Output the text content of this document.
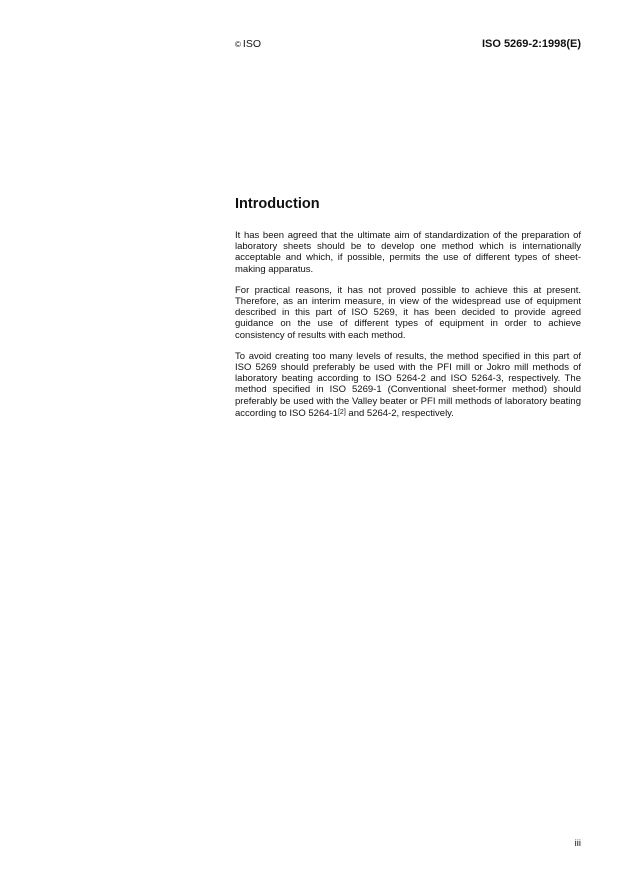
© ISO	ISO 5269-2:1998(E)
Introduction

It has been agreed that the ultimate aim of standardization of the preparation of laboratory sheets should be to develop one method which is internationally acceptable and which, if possible, permits the use of different types of sheet-making apparatus.

For practical reasons, it has not proved possible to achieve this at present. Therefore, as an interim measure, in view of the widespread use of equipment described in this part of ISO 5269, it has been decided to provide agreed guidance on the use of different types of equipment in order to achieve consistency of results with each method.

To avoid creating too many levels of results, the method specified in this part of ISO 5269 should preferably be used with the PFI mill or Jokro mill methods of laboratory beating according to ISO 5264-2 and ISO 5264-3, respectively. The method specified in ISO 5269-1 (Conventional sheet-former method) should preferably be used with the Valley beater or PFI mill methods of laboratory beating according to ISO 5264-1[2] and 5264-2, respectively.

iii
